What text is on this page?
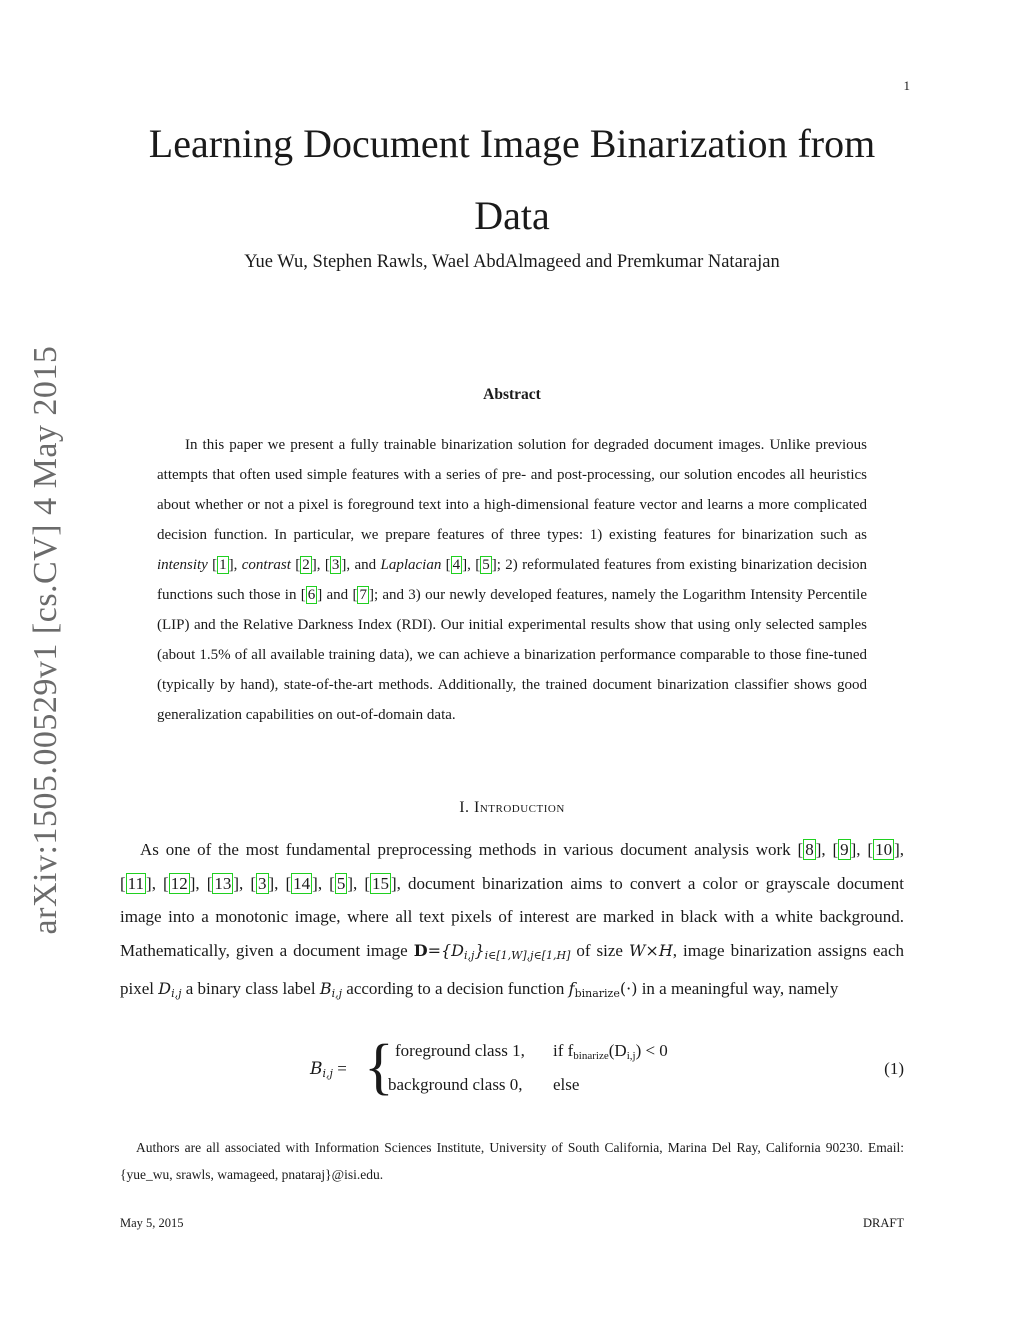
1
Learning Document Image Binarization from
Data
Yue Wu, Stephen Rawls, Wael AbdAlmageed and Premkumar Natarajan
arXiv:1505.00529v1 [cs.CV] 4 May 2015	Abstract

In this paper we present a fully trainable binarization solution for degraded document images. Unlike previous attempts that often used simple features with a series of pre- and post-processing, our solution encodes all heuristics about whether or not a pixel is foreground text into a high-dimensional feature vector and learns a more complicated decision function. In particular, we prepare features of three types: 1) existing features for binarization such as intensity [ 1 ], contrast [ 2 ], [ 3 ], and Laplacian [ 4 ], [ 5 ]; 2) reformulated features from existing binarization decision functions such those in [ 6 ] and [ 7 ]; and 3) our newly developed features, namely the Logarithm Intensity Percentile (LIP) and the Relative Darkness Index (RDI). Our initial experimental results show that using only selected samples (about 1.5% of all available training data), we can achieve a binarization performance comparable to those fine-tuned (typically by hand), state-of-the-art methods. Additionally, the trained document binarization classifier shows good generalization capabilities on out-of-domain data.

I. Introduction

As one of the most fundamental preprocessing methods in various document analysis work [ 8 ], [ 9 ], [ 10 ], [ 11 ], [ 12 ], [ 13 ], [ 3 ], [ 14 ], [ 5 ], [ 15 ], document binarization aims to convert a color or grayscale document image into a monotonic image, where all text pixels of interest are marked in black with a white background. Mathematically, given a document image $D=\{D_{i,j}\}_{i\in[1,W],j\in[1,H]}$ of size W×H, image binarization assigns each pixel $D_{i,j}$ a binary class label $B_{i,j}$ according to a decision function $f_{binarize}(\cdot)$ in a meaningful way, namely

$B_{i,j}$ = { foreground class 1, if $f_{binarize}(D_{i,j}) < 0$
background class 0, else
(1)

Authors are all associated with Information Sciences Institute, University of South California, Marina Del Ray, California 90230. Email: {yue_wu, srawls, wamageed, pnataraj}@isi.edu.

May 5, 2015	DRAFT
